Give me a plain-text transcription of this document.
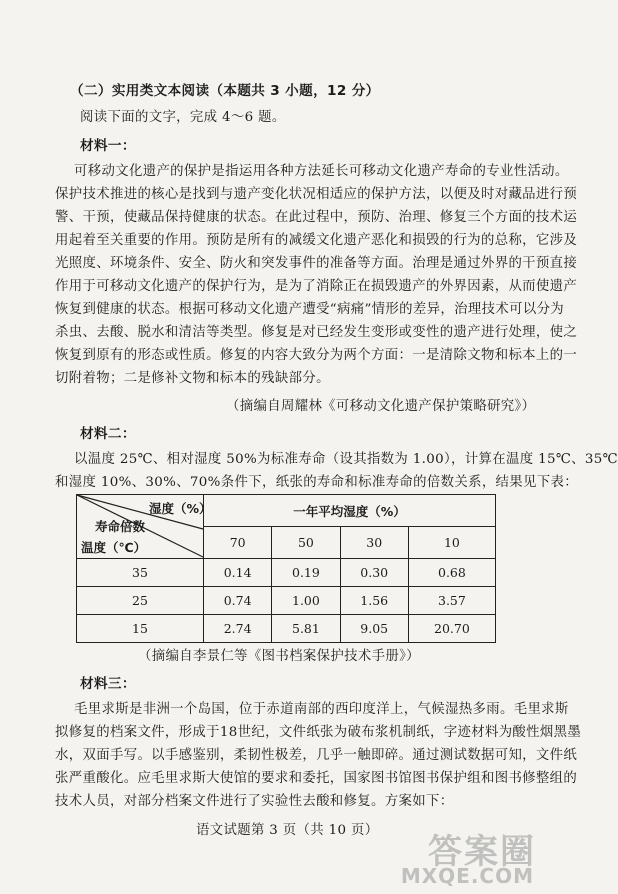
（二）实用类文本阅读（本题共 3 小题，12 分）
阅读下面的文字，完成 4～6 题。
材料一：
可移动文化遗产的保护是指运用各种方法延长可移动文化遗产寿命的专业性活动。
保护技术推进的核心是找到与遗产变化状况相适应的保护方法，以便及时对藏品进行预
警、干预，使藏品保持健康的状态。在此过程中，预防、治理、修复三个方面的技术运
用起着至关重要的作用。预防是所有的减缓文化遗产恶化和损毁的行为的总称，它涉及
光照度、环境条件、安全、防火和突发事件的准备等方面。治理是通过外界的干预直接
作用于可移动文化遗产的保护行为，是为了消除正在损毁遗产的外界因素，从而使遗产
恢复到健康的状态。根据可移动文化遗产遭受“病痛”情形的差异，治理技术可以分为
杀虫、去酸、脱水和清洁等类型。修复是对已经发生变形或变性的遗产进行处理，使之
恢复到原有的形态或性质。修复的内容大致分为两个方面：一是清除文物和标本上的一
切附着物；二是修补文物和标本的残缺部分。
（摘编自周耀林《可移动文化遗产保护策略研究》）
材料二：
以温度 25℃、相对湿度 50%为标准寿命（设其指数为 1.00），计算在温度 15℃、35℃
和湿度 10%、30%、70%条件下，纸张的寿命和标准寿命的倍数关系，结果见下表：
湿度（%）
寿命倍数
温度（℃）	一年平均湿度（%）			
	70	50	30	10
35	0.14	0.19	0.30	0.68
25	0.74	1.00	1.56	3.57
15	2.74	5.81	9.05	20.70
（摘编自李景仁等《图书档案保护技术手册》）
材料三：
毛里求斯是非洲一个岛国，位于赤道南部的西印度洋上，气候湿热多雨。毛里求斯
拟修复的档案文件，形成于18世纪，文件纸张为破布浆机制纸，字迹材料为酸性烟黑墨
水，双面手写。以手感鉴别，柔韧性极差，几乎一触即碎。通过测试数据可知，文件纸
张严重酸化。应毛里求斯大使馆的要求和委托，国家图书馆图书保护组和图书修整组的
技术人员，对部分档案文件进行了实验性去酸和修复。方案如下：
语文试题第 3 页（共 10 页）
答案圈
MXQE.COM
